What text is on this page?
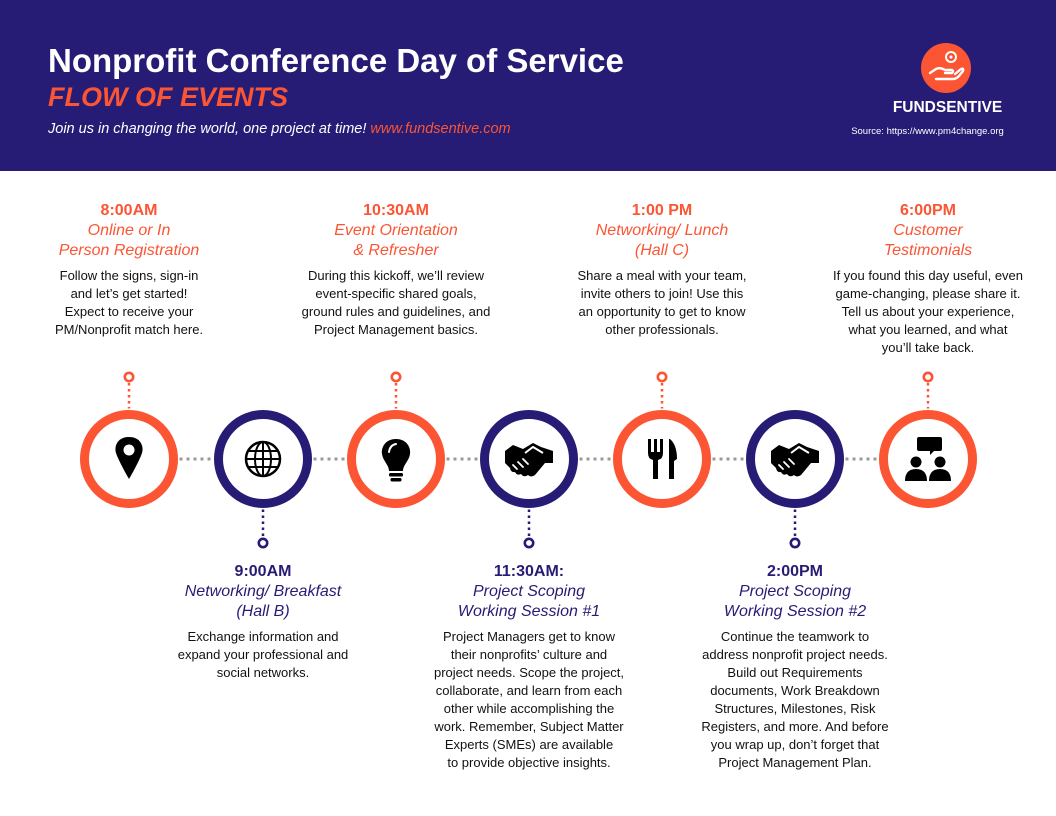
Nonprofit Conference Day of Service
FLOW OF EVENTS
Join us in changing the world, one project at time! www.fundsentive.com
FUNDSENTIVE
Source: https://www.pm4change.org
8:00AM
Online or In
Person Registration
Follow the signs, sign-in
and let’s get started!
Expect to receive your
PM/Nonprofit match here.
9:00AM
Networking/ Breakfast
(Hall B)
Exchange information and
expand your professional and
social networks.
10:30AM
Event Orientation
& Refresher
During this kickoff, we’ll review
event-specific shared goals,
ground rules and guidelines, and
Project Management basics.
11:30AM:
Project Scoping
Working Session #1
Project Managers get to know
their nonprofits’ culture and
project needs. Scope the project,
collaborate, and learn from each
other while accomplishing the
work. Remember, Subject Matter
Experts (SMEs) are available
to provide objective insights.
1:00 PM
Networking/ Lunch
(Hall C)
Share a meal with your team,
invite others to join! Use this
an opportunity to get to know
other professionals.
2:00PM
Project Scoping
Working Session #2
Continue the teamwork to
address nonprofit project needs.
Build out Requirements
documents, Work Breakdown
Structures, Milestones, Risk
Registers, and more. And before
you wrap up, don’t forget that
Project Management Plan.
6:00PM
Customer
Testimonials
If you found this day useful, even
game-changing, please share it.
Tell us about your experience,
what you learned, and what
you’ll take back.
